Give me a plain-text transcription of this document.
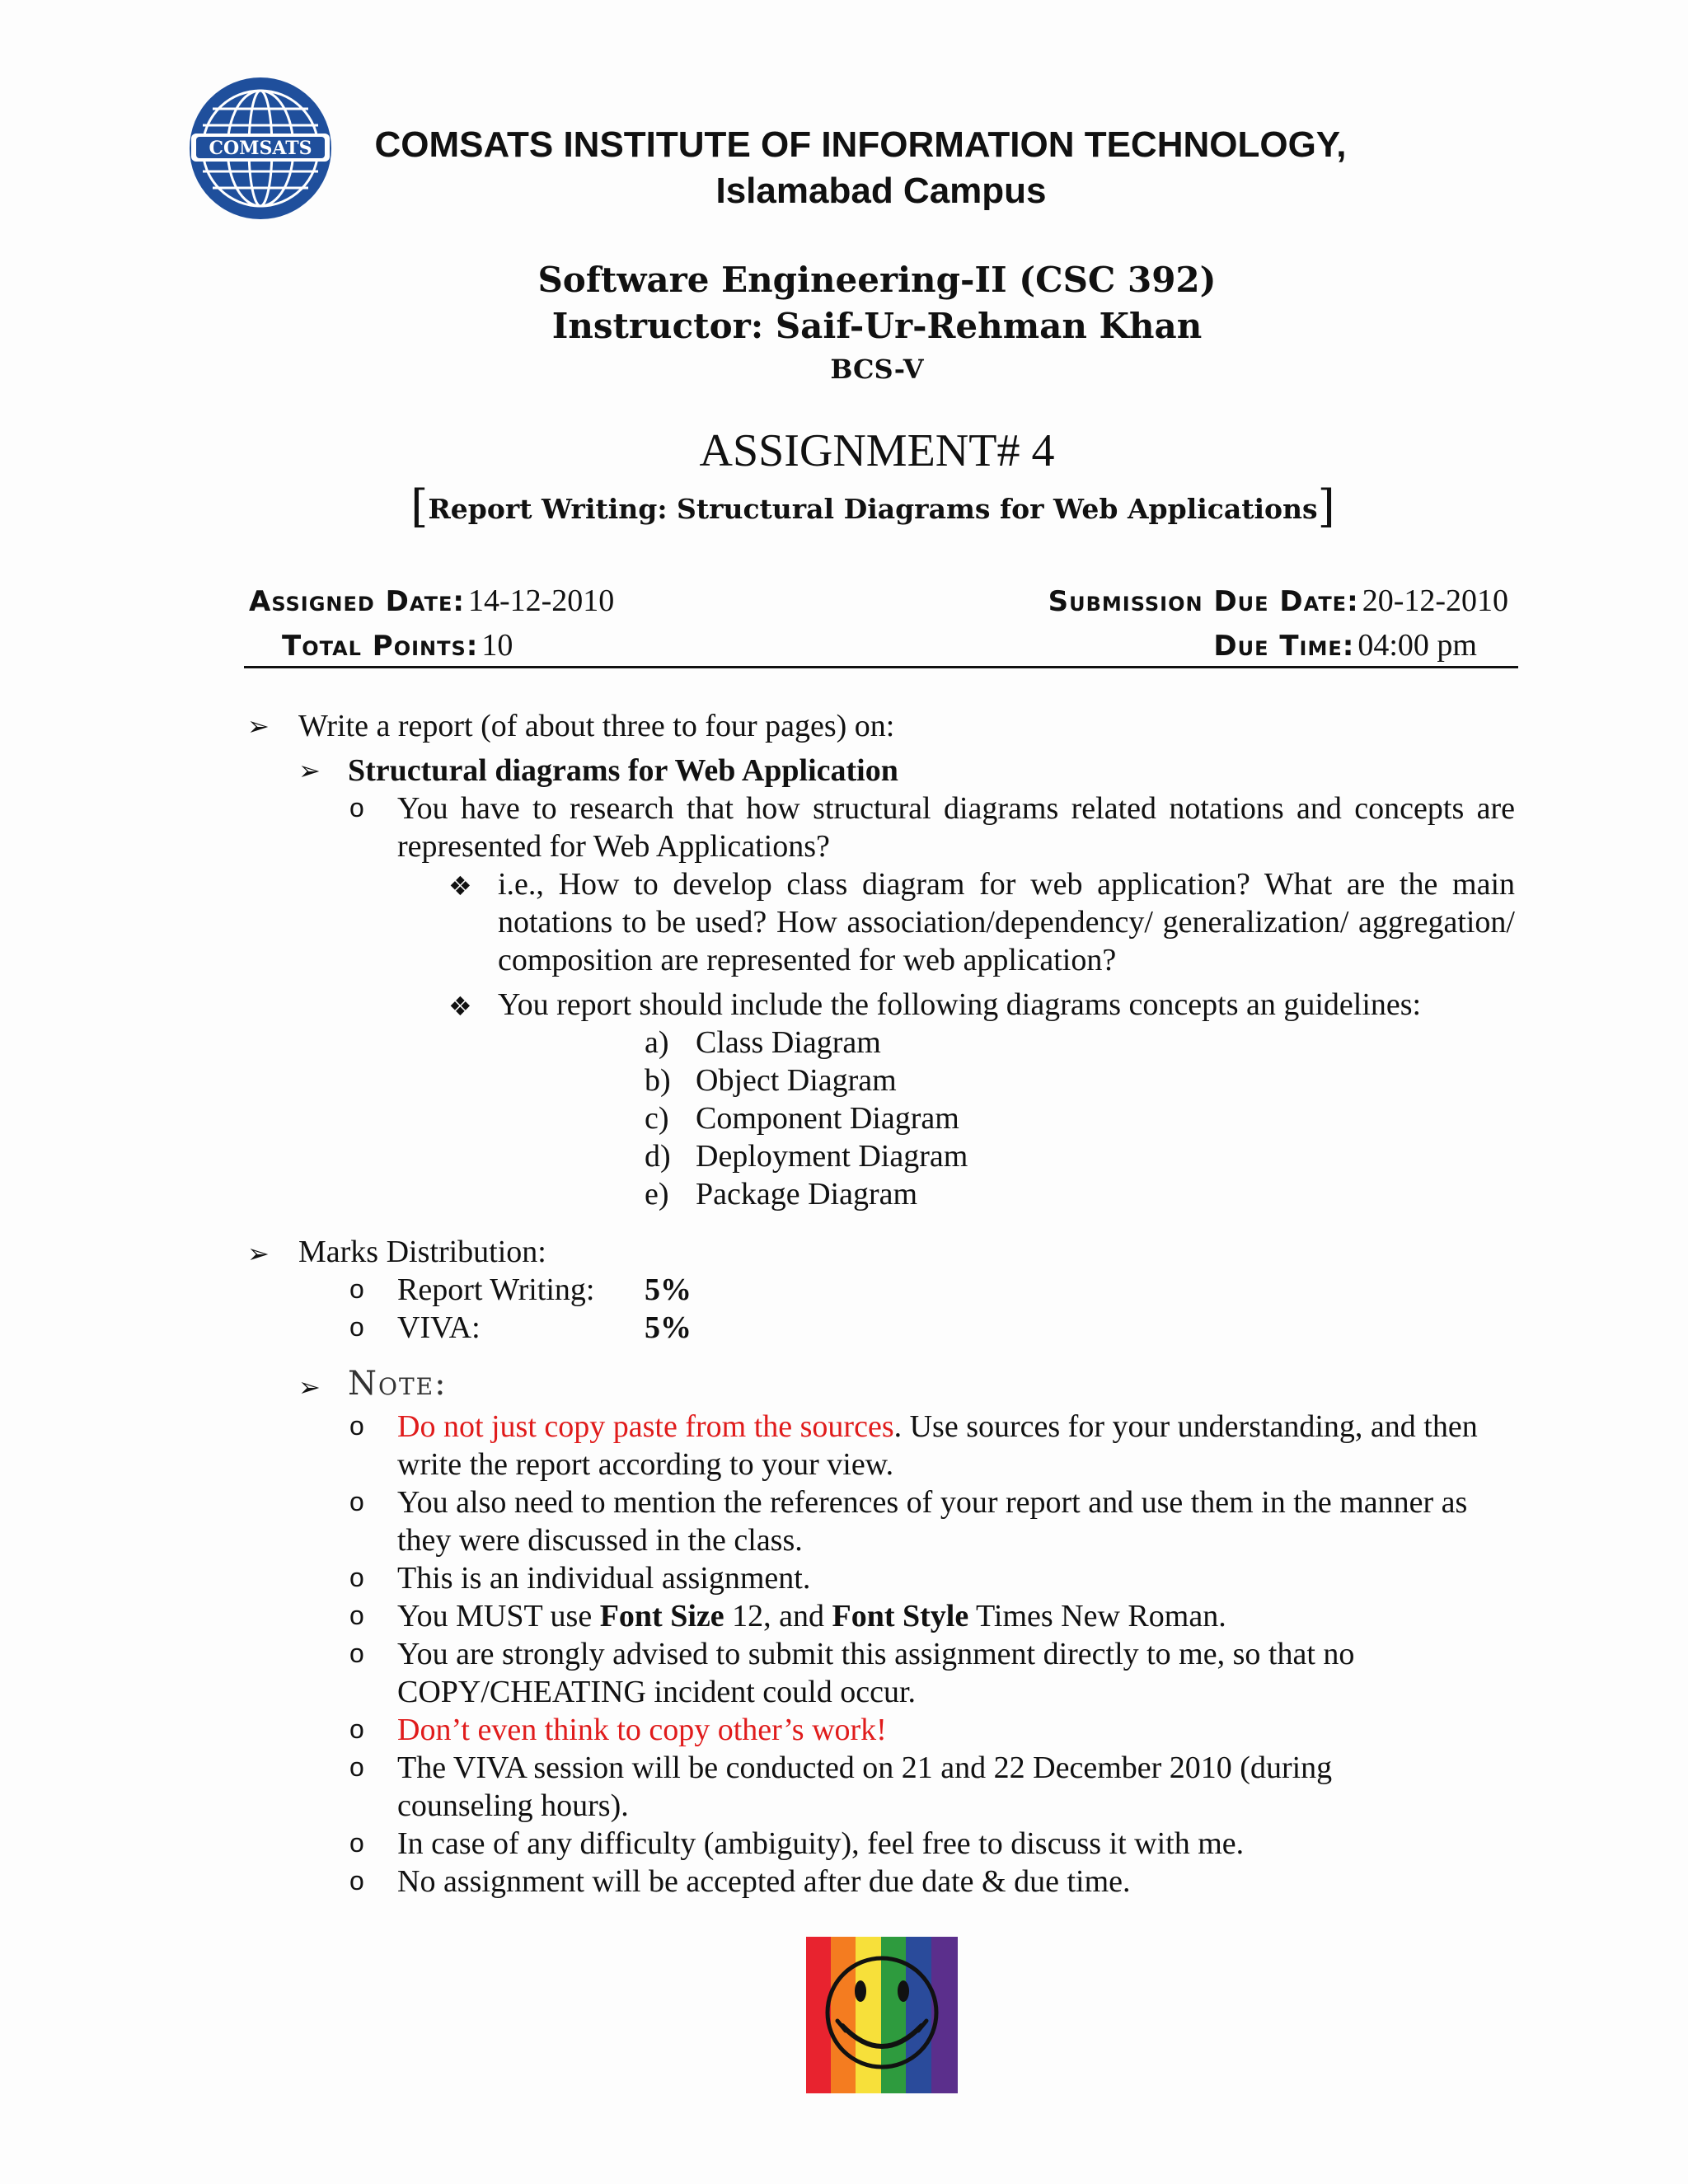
COMSATS	COMSATS INSTITUTE OF INFORMATION TECHNOLOGY,
Islamabad Campus
Software Engineering-II (CSC 392)
Instructor: Saif-Ur-Rehman Khan
BCS-V
ASSIGNMENT# 4
[Report Writing: Structural Diagrams for Web Applications]
Assigned Date: 14-12-2010	Submission Due Date: 20-12-2010
Total Points: 10	Due Time: 04:00 pm
➢ Write a report (of about three to four pages) on:
➢ Structural diagrams for Web Application
o You have to research that how structural diagrams related notations and concepts are represented for Web Applications?
❖ i.e., How to develop class diagram for web application? What are the main notations to be used? How association/dependency/ generalization/ aggregation/ composition are represented for web application?
❖ You report should include the following diagrams concepts an guidelines:
a) Class Diagram
b) Object Diagram
c) Component Diagram
d) Deployment Diagram
e) Package Diagram
➢ Marks Distribution:
o Report Writing: 5%
o VIVA:	5%
➢ Note:
o Do not just copy paste from the sources. Use sources for your understanding, and then write the report according to your view.
o You also need to mention the references of your report and use them in the manner as they were discussed in the class.
o This is an individual assignment.
o You MUST use Font Size 12, and Font Style Times New Roman.
o You are strongly advised to submit this assignment directly to me, so that no COPY/CHEATING incident could occur.
o Don’t even think to copy other’s work!
o The VIVA session will be conducted on 21 and 22 December 2010 (during counseling hours).
o In case of any difficulty (ambiguity), feel free to discuss it with me.
o No assignment will be accepted after due date & due time.
